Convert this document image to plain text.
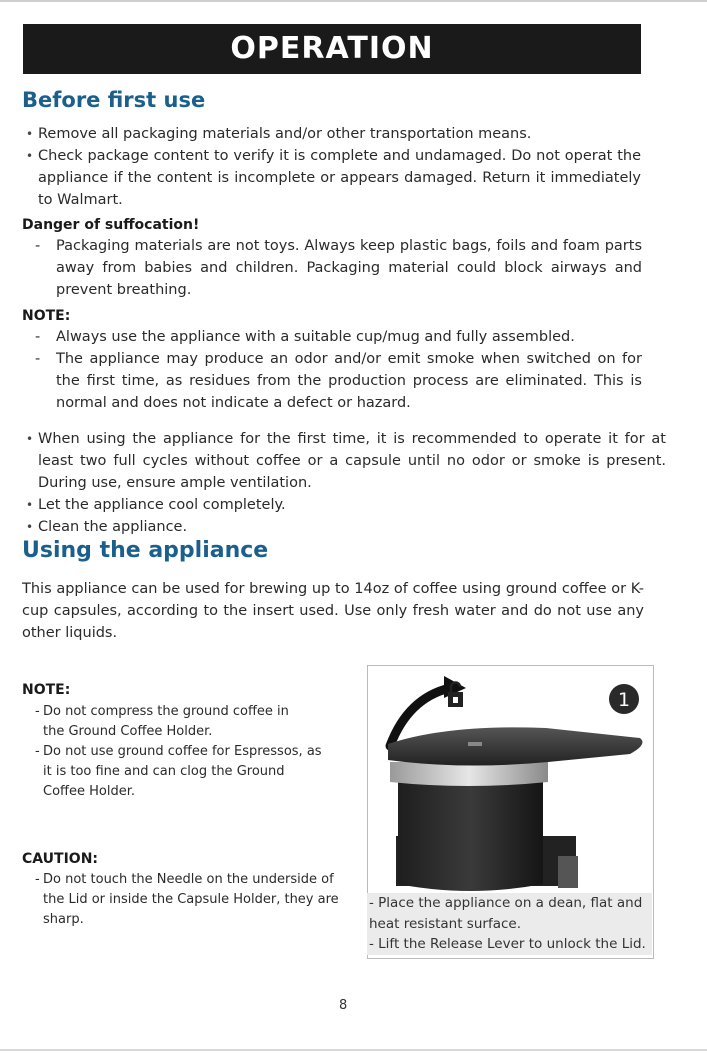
OPERATION
Before first use
• Remove all packaging materials and/or other transportation means.
• Check package content to verify it is complete and undamaged. Do not operat the appliance if the content is incomplete or appears damaged. Return it immediately to Walmart.
Danger of suffocation!
- Packaging materials are not toys. Always keep plastic bags, foils and foam parts away from babies and children. Packaging material could block airways and prevent breathing.
NOTE:
- Always use the appliance with a suitable cup/mug and fully assembled.
- The appliance may produce an odor and/or emit smoke when switched on for the first time, as residues from the production process are eliminated. This is normal and does not indicate a defect or hazard.
• When using the appliance for the first time, it is recommended to operate it for at least two full cycles without coffee or a capsule until no odor or smoke is present. During use, ensure ample ventilation.
• Let the appliance cool completely.
• Clean the appliance.
Using the appliance
This appliance can be used for brewing up to 14oz of coffee using ground coffee or K-cup capsules, according to the insert used. Use only fresh water and do not use any other liquids.
NOTE:
- Do not compress the ground coffee in the Ground Coffee Holder.
- Do not use ground coffee for Espressos, as it is too fine and can clog the Ground Coffee Holder.
CAUTION:
- Do not touch the Needle on the underside of the Lid or inside the Capsule Holder, they are sharp.
1
- Place the appliance on a dean, flat and heat resistant surface.
- Lift the Release Lever to unlock the Lid.
8
